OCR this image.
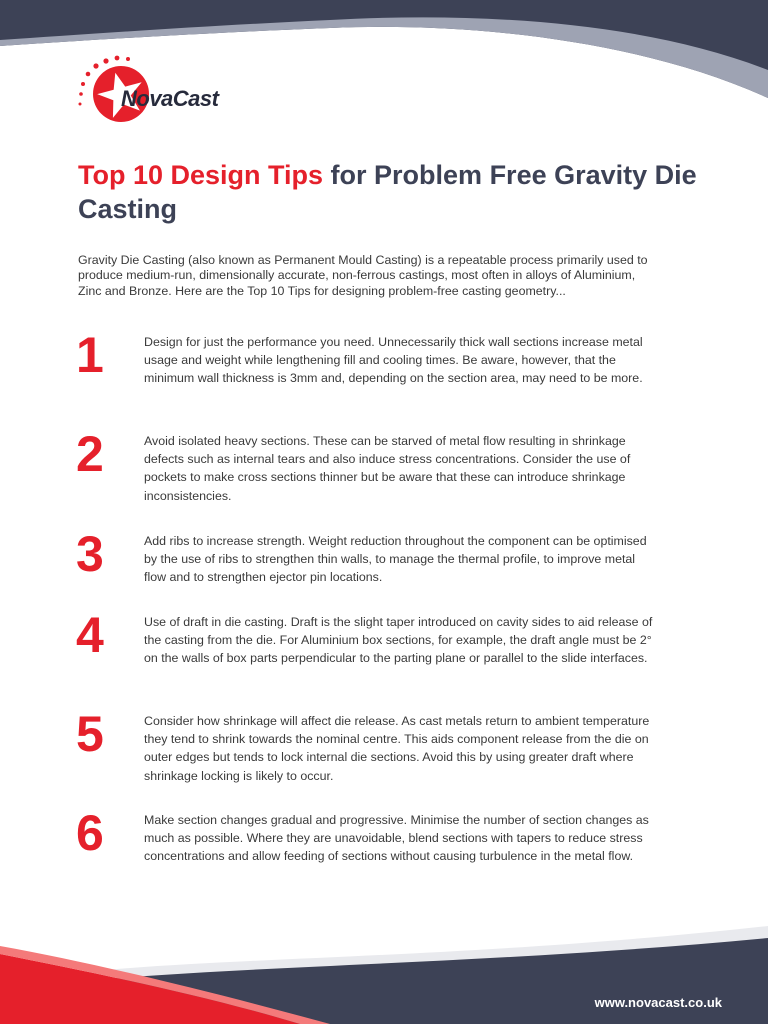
NovaCast
Top 10 Design Tips for Problem Free Gravity Die Casting

Gravity Die Casting (also known as Permanent Mould Casting) is a repeatable process primarily used to produce medium-run, dimensionally accurate, non-ferrous castings, most often in alloys of Aluminium, Zinc and Bronze. Here are the Top 10 Tips for designing problem-free casting geometry...

1	Design for just the performance you need. Unnecessarily thick wall sections increase metal usage and weight while lengthening fill and cooling times. Be aware, however, that the minimum wall thickness is 3mm and, depending on the section area, may need to be more.

2	Avoid isolated heavy sections. These can be starved of metal flow resulting in shrinkage defects such as internal tears and also induce stress concentrations. Consider the use of pockets to make cross sections thinner but be aware that these can introduce shrinkage inconsistencies.

3	Add ribs to increase strength. Weight reduction throughout the component can be optimised by the use of ribs to strengthen thin walls, to manage the thermal profile, to improve metal flow and to strengthen ejector pin locations.

4	Use of draft in die casting. Draft is the slight taper introduced on cavity sides to aid release of the casting from the die. For Aluminium box sections, for example, the draft angle must be 2° on the walls of box parts perpendicular to the parting plane or parallel to the slide interfaces.

5	Consider how shrinkage will affect die release. As cast metals return to ambient temperature they tend to shrink towards the nominal centre. This aids component release from the die on outer edges but tends to lock internal die sections. Avoid this by using greater draft where shrinkage locking is likely to occur.

6	Make section changes gradual and progressive. Minimise the number of section changes as much as possible. Where they are unavoidable, blend sections with tapers to reduce stress concentrations and allow feeding of sections without causing turbulence in the metal flow.

www.novacast.co.uk
